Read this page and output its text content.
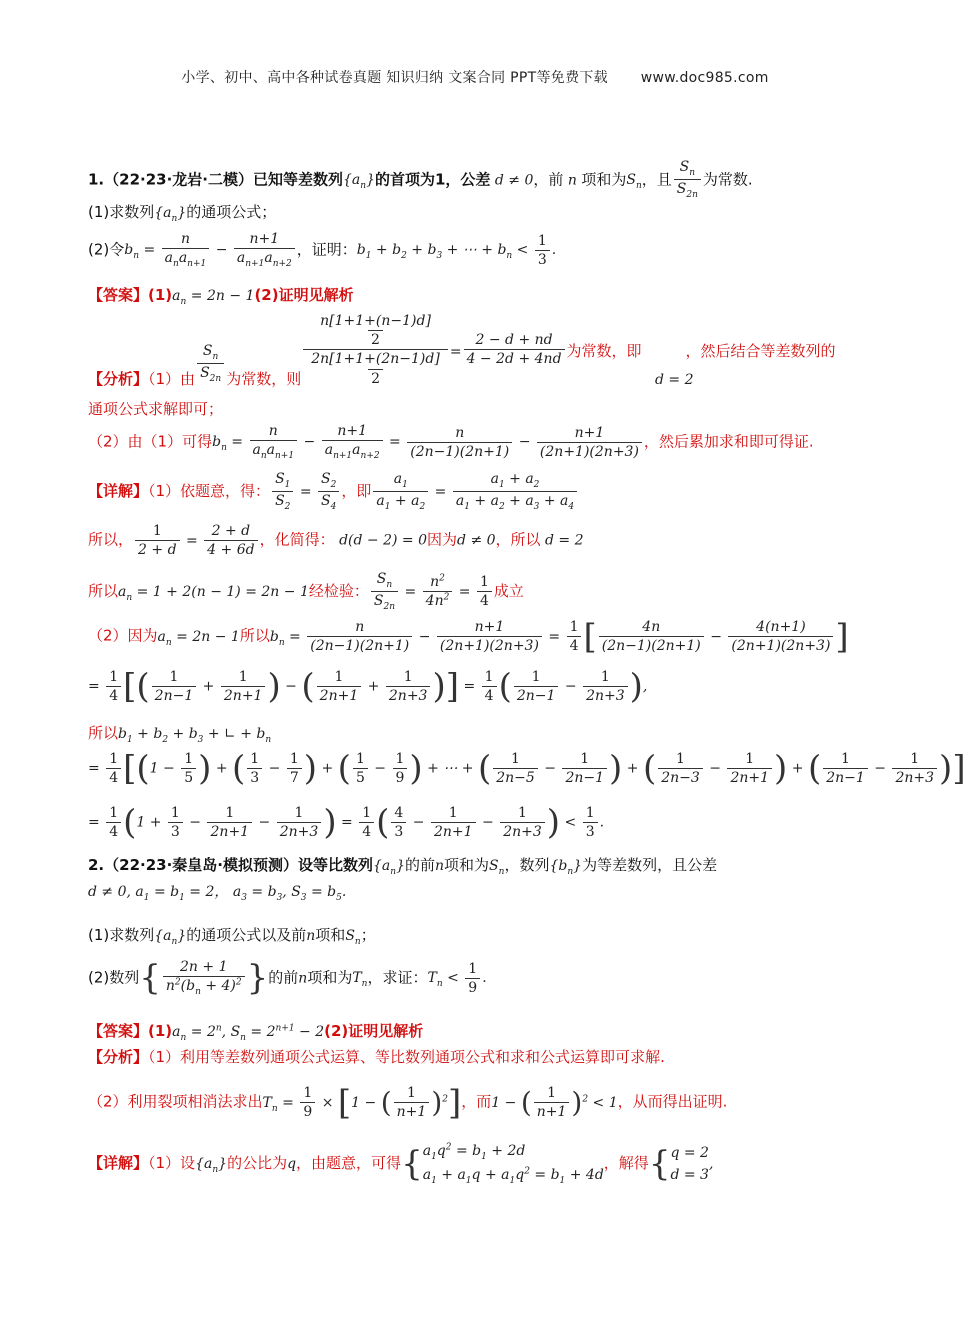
小学、初中、高中各种试卷真题 知识归纳 文案合同 PPT等免费下载 www.doc985.com
1.（22·23·龙岩·二模）已知等差数列$\{a_n\}$的首项为1，公差 d ≠ 0，前 n 项和为$S_n$，且 $\frac{S_n}{S_{2n}}$ 为常数.
(1)求数列$\{a_n\}$的通项公式；
(2)令$b_n = \frac{n}{a_na_{n+1}} - \frac{n+1}{a_{n+1}a_{n+2}}$ ，证明：$b_1 + b_2 + b_3$ + ⋯ + $b_n < \frac{1}{3}$ .
【答案】$(1)a_n = 2n - 1(2)$证明见解析
【分析】（1）由 $\frac{S_n}{S_{2n}}$ 为常数，则 $\frac{\frac{n[1+1+(n-1)d]}{2}}{\frac{2n[1+1+(2n-1)d]}{2}} = \frac{2 - d + nd}{4 - 2d + 4nd}$ 为常数，即	，然后结合等差数列的
d = 2
通项公式求解即可；
（2）由（1）可得$b_n = \frac{n}{a_na_{n+1}} - \frac{n+1}{a_{n+1}a_{n+2}} = \frac{n}{(2n-1)(2n+1)} - \frac{n+1}{(2n+1)(2n+3)}$ ，然后累加求和即可得证.
【详解】（1）依题意，得： $\frac{S_1}{S_2} = \frac{S_2}{S_4}$ ，即 $\frac{a_1}{a_1 + a_2} = \frac{a_1 + a_2}{a_1 + a_2 + a_3 + a_4}$
所以， $\frac{1}{2 + d} = \frac{2 + d}{4 + 6d}$ ，化简得： d(d − 2) = 0因为d ≠ 0，所以 d = 2
所以$a_n = 1 + 2(n - 1) = 2n - 1$经检验： $\frac{S_n}{S_{2n}} = \frac{n^2}{4n^2} = \frac{1}{4}$ 成立
（2）因为$a_n = 2n - 1$所以$b_n = \frac{n}{(2n-1)(2n+1)} - \frac{n+1}{(2n+1)(2n+3)} = \frac{1}{4}$ [ $\frac{4n}{(2n-1)(2n+1)} - \frac{4(n+1)}{(2n+1)(2n+3)}$ ]
= $\frac{1}{4}$ [( $\frac{1}{2n-1} + \frac{1}{2n+1}$ ) − ( $\frac{1}{2n+1} + \frac{1}{2n+3}$ )] = $\frac{1}{4}$ ( $\frac{1}{2n-1} - \frac{1}{2n+3}$ ),
所以$b_1 + b_2 + b_3$ + ∟ + $b_n$
= $\frac{1}{4} [(1 - \frac{1}{5}$ ) + ( $\frac{1}{3} - \frac{1}{7}$ ) + ( $\frac{1}{5} - \frac{1}{9}$ ) + ⋯ + ( $\frac{1}{2n-5} - \frac{1}{2n-1}$ ) + ( $\frac{1}{2n-3} - \frac{1}{2n+1}$ ) + ( $\frac{1}{2n-1} - \frac{1}{2n+3}$ )]
= $\frac{1}{4} (1 + \frac{1}{3} - \frac{1}{2n+1} - \frac{1}{2n+3}$ ) = $\frac{1}{4}$ ( $\frac{4}{3} - \frac{1}{2n+1} - \frac{1}{2n+3}$ ) < $\frac{1}{3}$ .
2.（22·23·秦皇岛·模拟预测）设等比数列$\{a_n\}$的前n项和为$S_n$，数列$\{b_n\}$为等差数列，且公差
d ≠ 0, $a_1 = b_1 = 2$， $a_3 = b_3$, $S_3 = b_5$.
(1)求数列$\{a_n\}$的通项公式以及前n项和$S_n$；
(2)数列{ $\frac{2n + 1}{n^2(b_n + 4)^2}$ }的前n项和为$T_n$，求证：$T_n < \frac{1}{9}$ .
【答案】$(1)a_n = 2^n$, $S_n = 2^{n+1} - 2(2)$证明见解析
【分析】（1）利用等差数列通项公式运算、等比数列通项公式和求和公式运算即可求解.
（2）利用裂项相消法求出$T_n = \frac{1}{9} \times [1$ − ( $\frac{1}{n+1} )^2$]，而1 − ( $\frac{1}{n+1} )^2 < 1$，从而得出证明.
【详解】（1）设$\{a_n\}$的公比为q，由题意，可得{ $a_1q^2 = b_1 + 2d$
$a_1 + a_1q + a_1q^2 = b_1 + 4d$
，解得{ q = 2
d = 3
,
